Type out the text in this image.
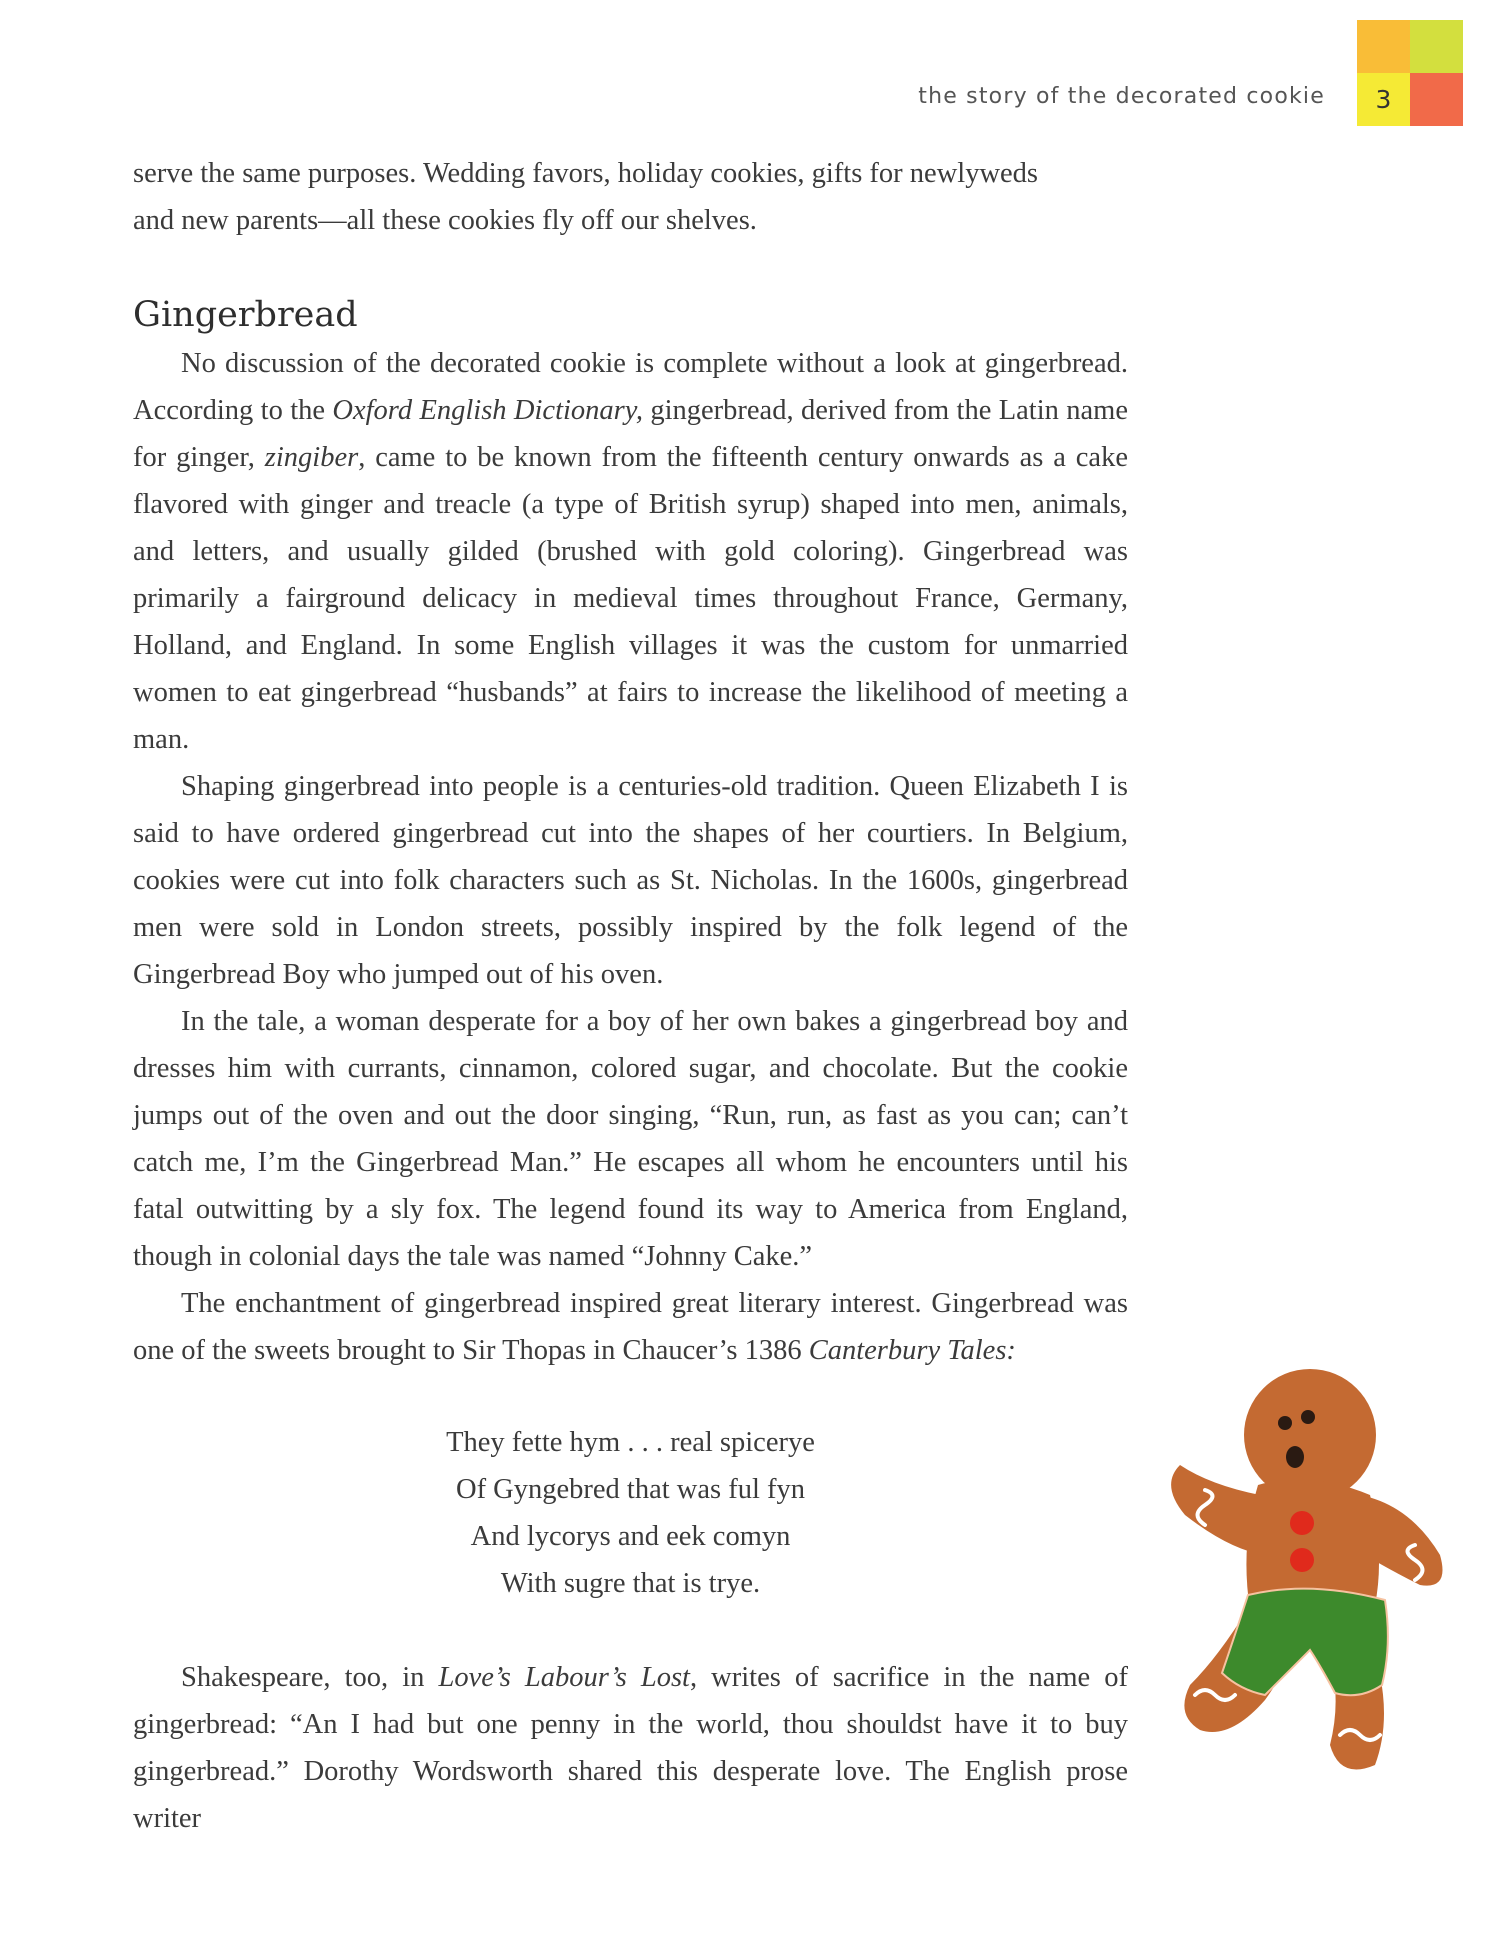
3
the story of the decorated cookie

serve the same purposes. Wedding favors, holiday cookies, gifts for newlyweds
and new parents—all these cookies fly off our shelves.

Gingerbread

No discussion of the decorated cookie is complete without a look at gingerbread. According to the Oxford English Dictionary, gingerbread, derived from the Latin name for ginger, zingiber, came to be known from the fifteenth century onwards as a cake flavored with ginger and treacle (a type of British syrup) shaped into men, animals, and letters, and usually gilded (brushed with gold coloring). Gingerbread was primarily a fairground delicacy in medieval times throughout France, Germany, Holland, and England. In some English villages it was the custom for unmarried women to eat gingerbread “husbands” at fairs to increase the likelihood of meeting a man.

Shaping gingerbread into people is a centuries-old tradition. Queen Elizabeth I is said to have ordered gingerbread cut into the shapes of her courtiers. In Belgium, cookies were cut into folk characters such as St. Nicholas. In the 1600s, gingerbread men were sold in London streets, possibly inspired by the folk legend of the Gingerbread Boy who jumped out of his oven.

In the tale, a woman desperate for a boy of her own bakes a gingerbread boy and dresses him with currants, cinnamon, colored sugar, and chocolate. But the cookie jumps out of the oven and out the door singing, “Run, run, as fast as you can; can’t catch me, I’m the Gingerbread Man.” He escapes all whom he encounters until his fatal outwitting by a sly fox. The legend found its way to America from England, though in colonial days the tale was named “Johnny Cake.”

The enchantment of gingerbread inspired great literary interest. Gingerbread was one of the sweets brought to Sir Thopas in Chaucer’s 1386 Canterbury Tales:

They fette hym . . . real spicerye
Of Gyngebred that was ful fyn
And lycorys and eek comyn
With sugre that is trye.

Shakespeare, too, in Love’s Labour’s Lost, writes of sacrifice in the name of gingerbread: “An I had but one penny in the world, thou shouldst have it to buy gingerbread.” Dorothy Wordsworth shared this desperate love. The English prose writer
